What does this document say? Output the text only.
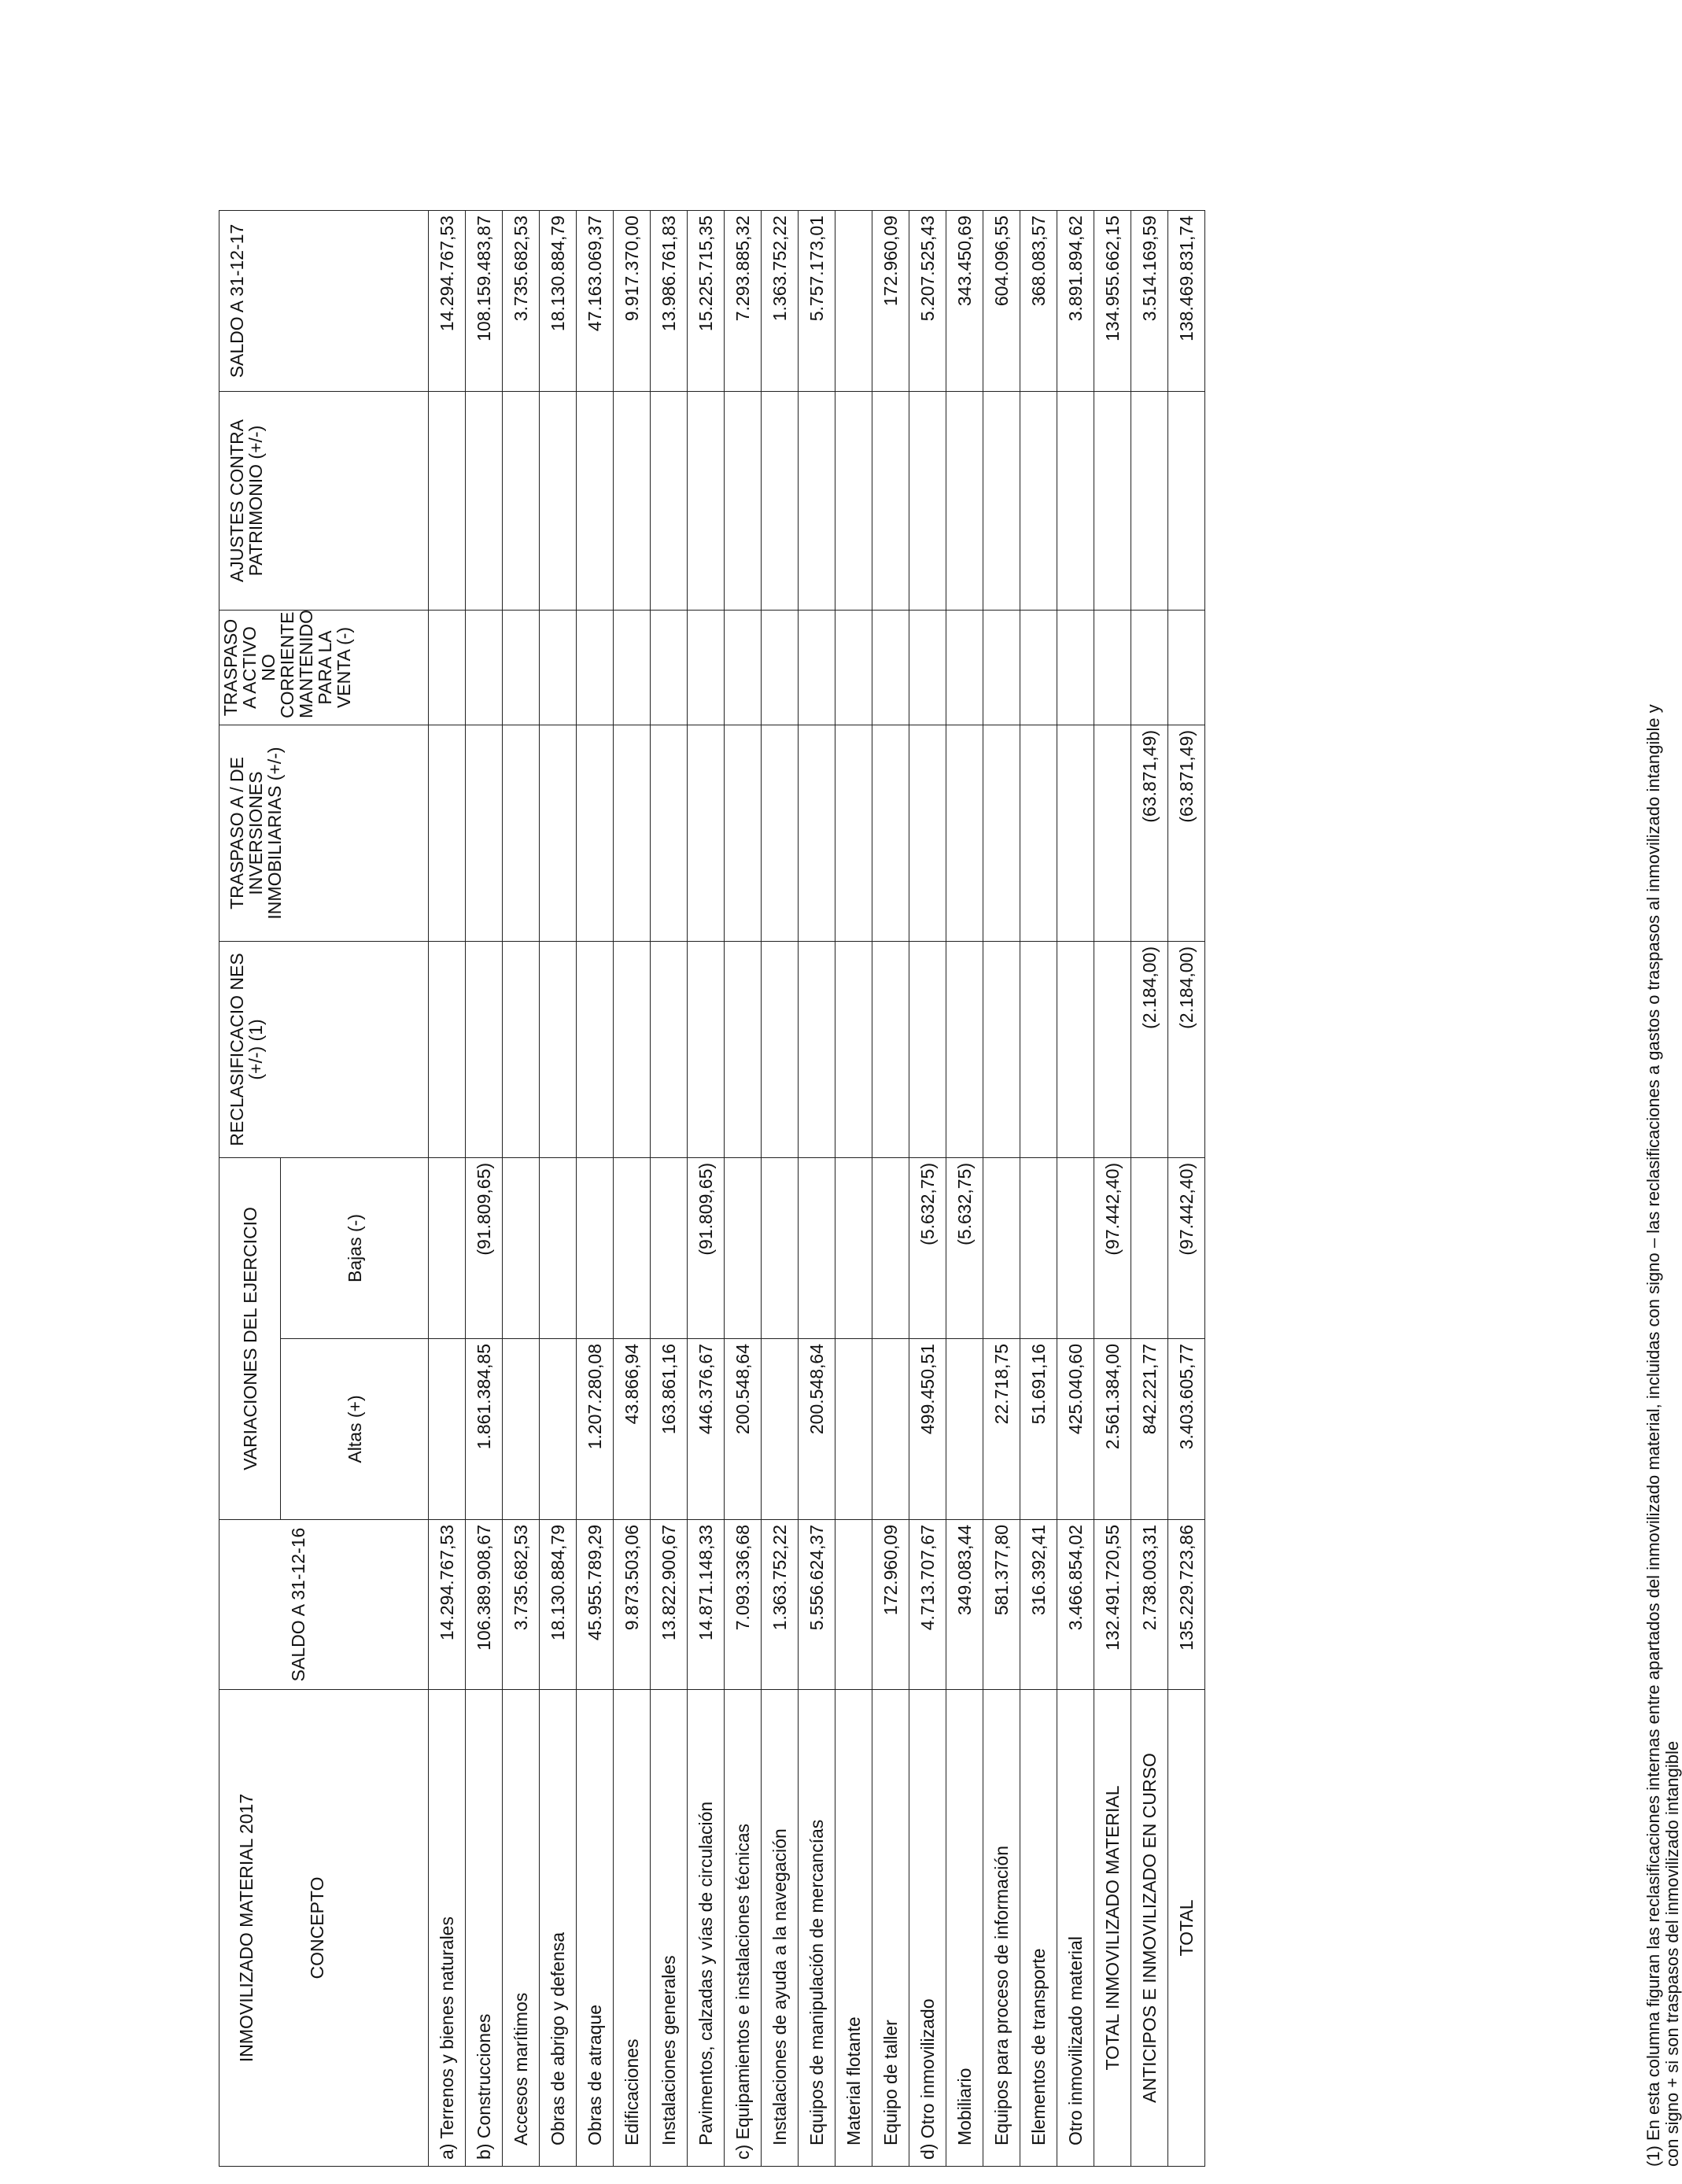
INMOVILIZADO MATERIAL 2017 CONCEPTO	SALDO A 31-12-16	VARIACIONES DEL EJERCICIO		RECLASIFICACIO NES (+/-) (1)	TRASPASO A / DE INVERSIONES INMOBILIARIAS (+/-)	TRASPASO A ACTIVO NO CORRIENTE MANTENIDO PARA LA VENTA (-)	AJUSTES CONTRA PATRIMONIO (+/-)	SALDO A 31-12-17
		Altas (+)	Bajas (-)					
a) Terrenos y bienes naturales	14.294.767,53							14.294.767,53
b) Construcciones	106.389.908,67	1.861.384,85	(91.809,65)					108.159.483,87
Accesos marítimos	3.735.682,53							3.735.682,53
Obras de abrigo y defensa	18.130.884,79							18.130.884,79
Obras de atraque	45.955.789,29	1.207.280,08						47.163.069,37
Edificaciones	9.873.503,06	43.866,94						9.917.370,00
Instalaciones generales	13.822.900,67	163.861,16						13.986.761,83
Pavimentos, calzadas y vías de circulación	14.871.148,33	446.376,67	(91.809,65)					15.225.715,35
c) Equipamientos e instalaciones técnicas	7.093.336,68	200.548,64						7.293.885,32
Instalaciones de ayuda a la navegación	1.363.752,22							1.363.752,22
Equipos de manipulación de mercancías	5.556.624,37	200.548,64						5.757.173,01
Material flotante								
Equipo de taller	172.960,09							172.960,09
d) Otro inmovilizado	4.713.707,67	499.450,51	(5.632,75)					5.207.525,43
Mobiliario	349.083,44		(5.632,75)					343.450,69
Equipos para proceso de información	581.377,80	22.718,75						604.096,55
Elementos de transporte	316.392,41	51.691,16						368.083,57
Otro inmovilizado material	3.466.854,02	425.040,60						3.891.894,62
TOTAL INMOVILIZADO MATERIAL	132.491.720,55	2.561.384,00	(97.442,40)					134.955.662,15
ANTICIPOS E INMOVILIZADO EN CURSO	2.738.003,31	842.221,77		(2.184,00)	(63.871,49)			3.514.169,59
TOTAL	135.229.723,86	3.403.605,77	(97.442,40)	(2.184,00)	(63.871,49)			138.469.831,74
(1) En esta columna figuran las reclasificaciones internas entre apartados del inmovilizado material, incluidas con signo – las reclasificaciones a gastos o traspasos al inmovilizado intangible y con signo + si son traspasos del inmovilizado intangible
